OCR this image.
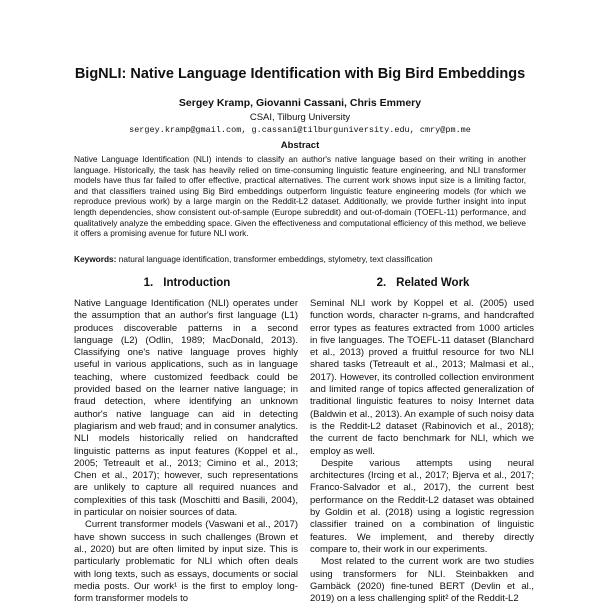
BigNLI: Native Language Identification with Big Bird Embeddings
Sergey Kramp, Giovanni Cassani, Chris Emmery
CSAI, Tilburg University
sergey.kramp@gmail.com, g.cassani@tilburguniversity.edu, cmry@pm.me
Abstract
Native Language Identification (NLI) intends to classify an author's native language based on their writing in another language. Historically, the task has heavily relied on time-consuming linguistic feature engineering, and NLI transformer models have thus far failed to offer effective, practical alternatives. The current work shows input size is a limiting factor, and that classifiers trained using Big Bird embeddings outperform linguistic feature engineering models (for which we reproduce previous work) by a large margin on the Reddit-L2 dataset. Additionally, we provide further insight into input length dependencies, show consistent out-of-sample (Europe subreddit) and out-of-domain (TOEFL-11) performance, and qualitatively analyze the embedding space. Given the effectiveness and computational efficiency of this method, we believe it offers a promising avenue for future NLI work.
Keywords: natural language identification, transformer embeddings, stylometry, text classification
1. Introduction	2. Related Work

Native Language Identification (NLI) operates under the assumption that an author's first language (L1) produces discoverable patterns in a second language (L2) (Odlin, 1989; MacDonald, 2013). Classifying one's native language proves highly useful in various applications, such as in language teaching, where customized feedback could be provided based on the learner native language; in fraud detection, where identifying an unknown author's native language can aid in detecting plagiarism and web fraud; and in consumer analytics. NLI models historically relied on handcrafted linguistic patterns as input features (Koppel et al., 2005; Tetreault et al., 2013; Cimino et al., 2013; Chen et al., 2017); however, such representations are unlikely to capture all required nuances and complexities of this task (Moschitti and Basili, 2004), in particular on noisier sources of data.

Current transformer models (Vaswani et al., 2017) have shown success in such challenges (Brown et al., 2020) but are often limited by input size. This is particularly problematic for NLI which often deals with long texts, such as essays, documents or social media posts. Our work¹ is the first to employ long-form transformer models to

Seminal NLI work by Koppel et al. (2005) used function words, character n-grams, and handcrafted error types as features extracted from 1000 articles in five languages. The TOEFL-11 dataset (Blanchard et al., 2013) proved a fruitful resource for two NLI shared tasks (Tetreault et al., 2013; Malmasi et al., 2017). However, its controlled collection environment and limited range of topics affected generalization of traditional linguistic features to noisy Internet data (Baldwin et al., 2013). An example of such noisy data is the Reddit-L2 dataset (Rabinovich et al., 2018); the current de facto benchmark for NLI, which we employ as well.

Despite various attempts using neural architectures (Ircing et al., 2017; Bjerva et al., 2017; Franco-Salvador et al., 2017), the current best performance on the Reddit-L2 dataset was obtained by Goldin et al. (2018) using a logistic regression classifier trained on a combination of linguistic features. We implement, and thereby directly compare to, their work in our experiments.

Most related to the current work are two studies using transformers for NLI. Steinbakken and Gambäck (2020) fine-tuned BERT (Devlin et al., 2019) on a less challenging split² of the Reddit-L2
